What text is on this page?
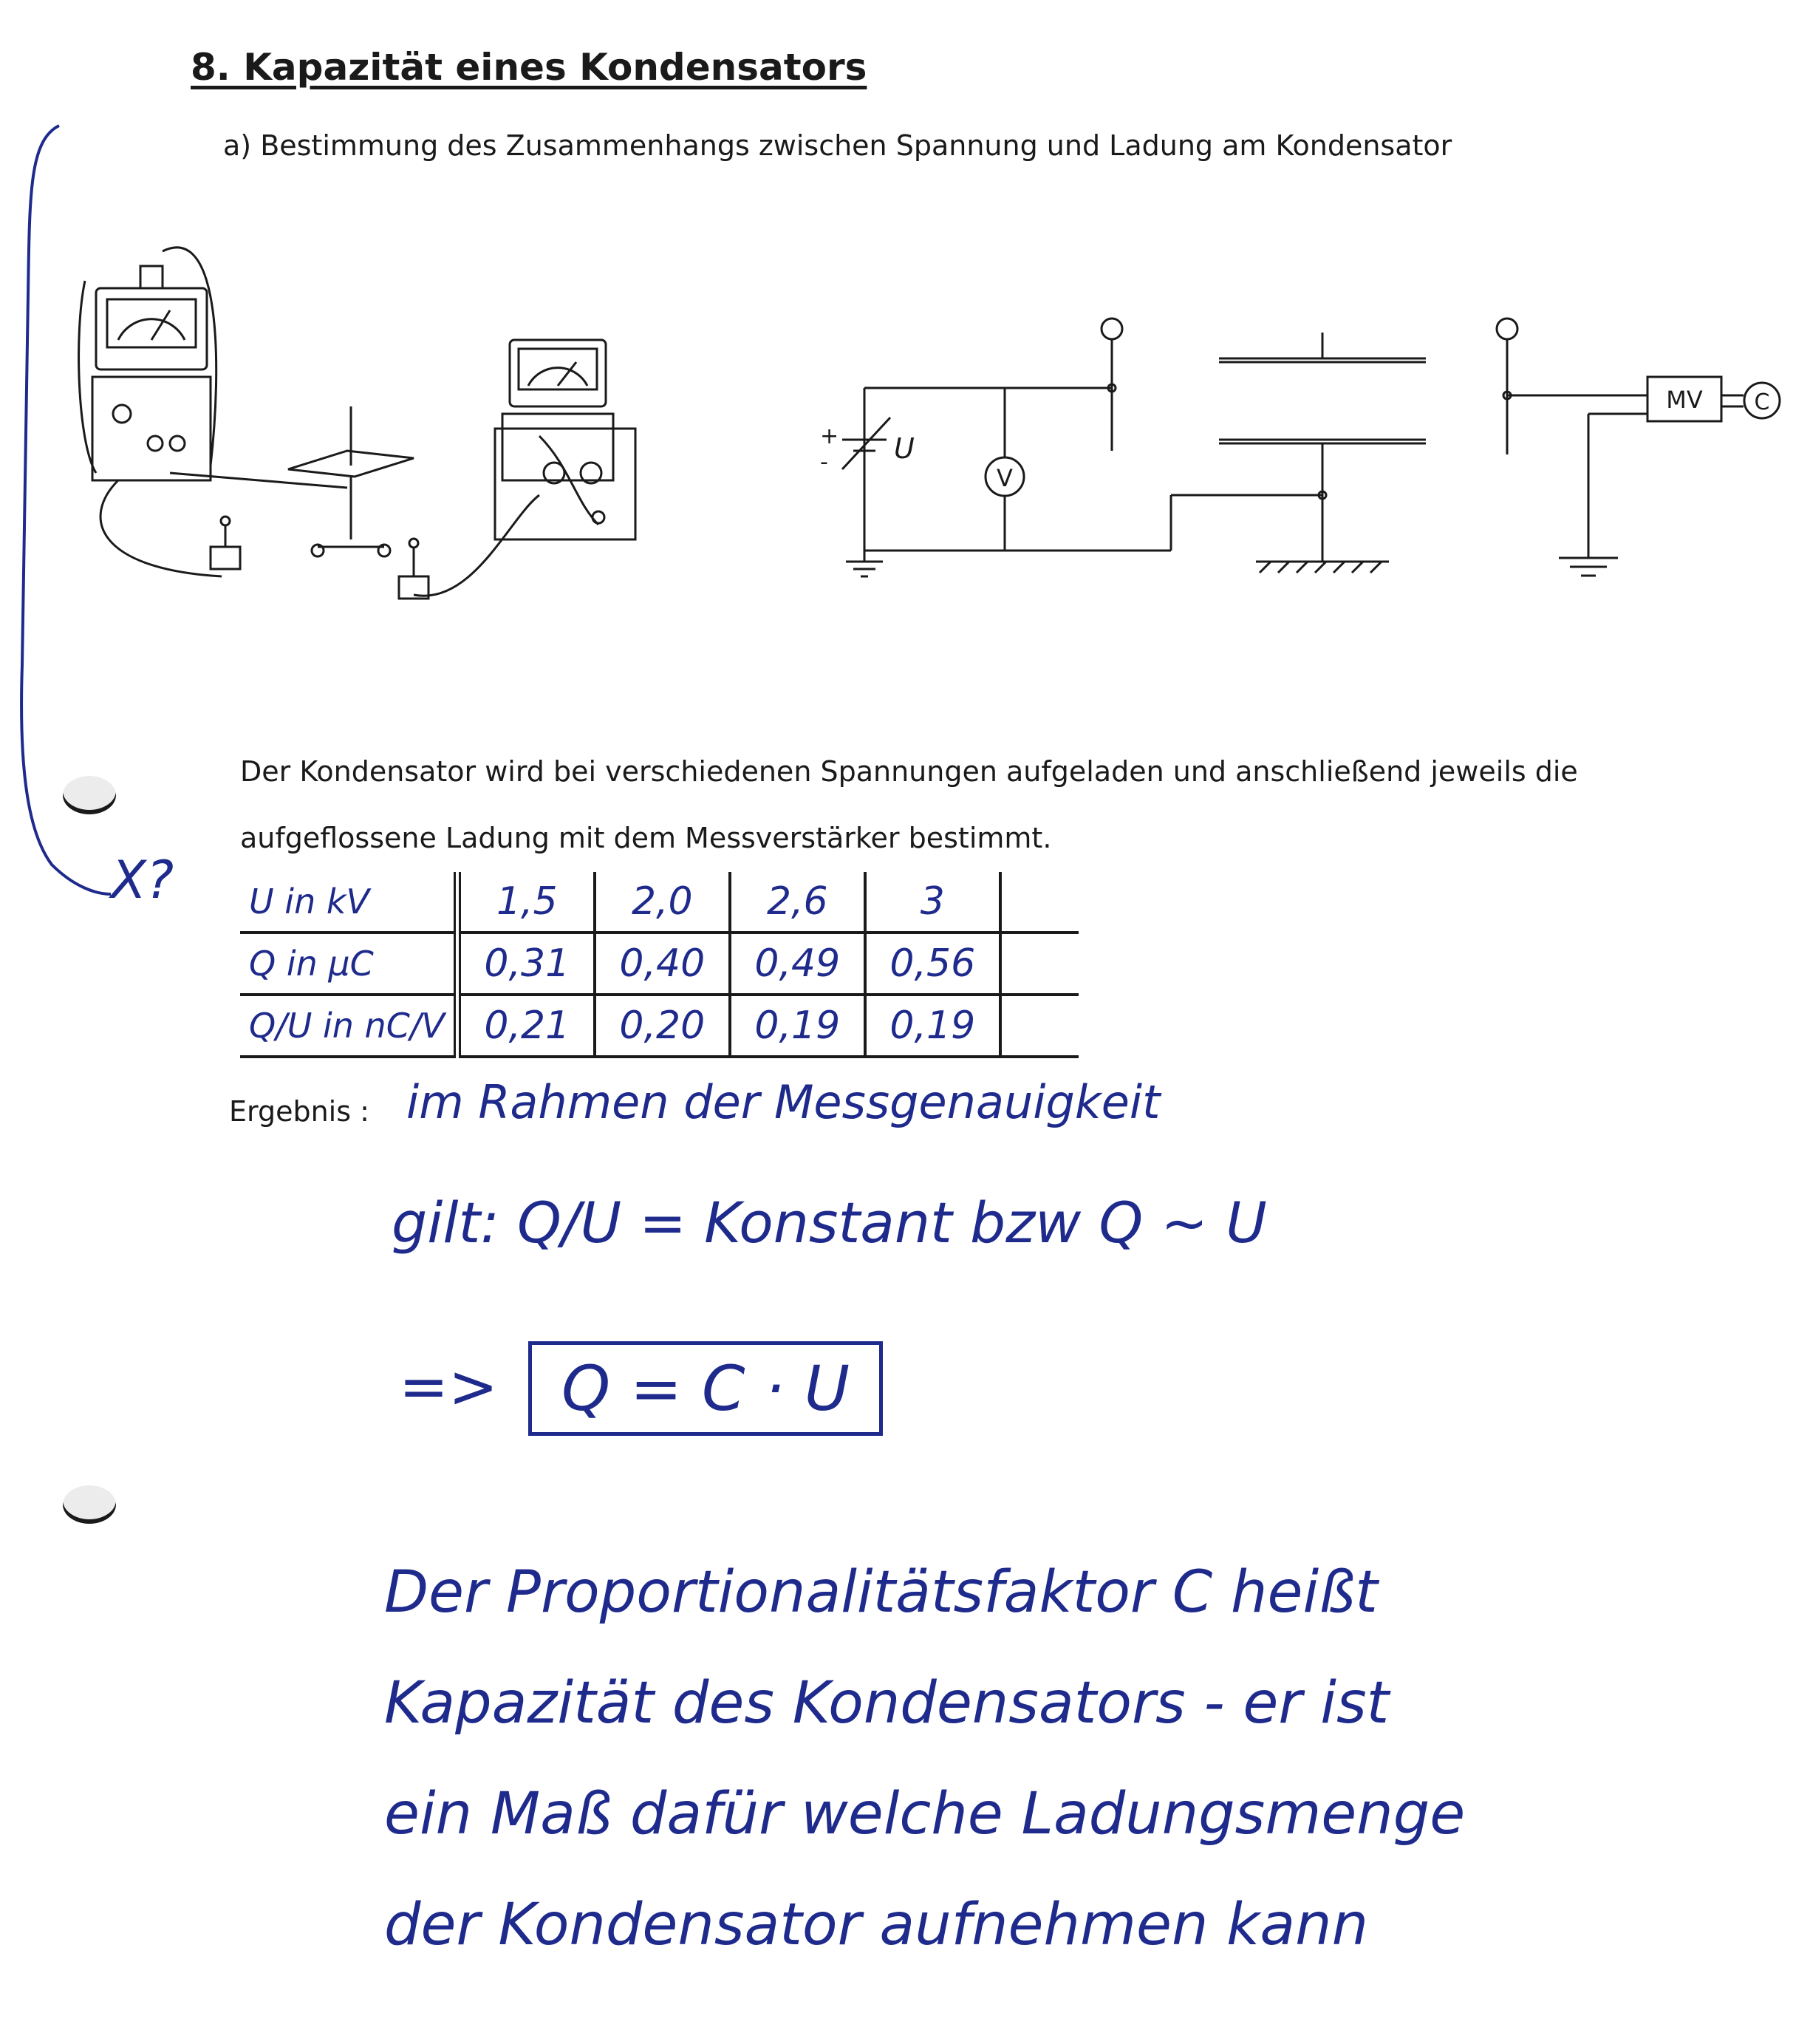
8. Kapazität eines Kondensators
a) Bestimmung des Zusammenhangs zwischen Spannung und Ladung am Kondensator
X?
+
- U
V
MV C
Der Kondensator wird bei verschiedenen Spannungen aufgeladen und anschließend jeweils die
aufgeflossene Ladung mit dem Messverstärker bestimmt.
U in kV	1,5	2,0	2,6	3	
Q in μC	0,31	0,40	0,49	0,56	
Q/U in nC/V	0,21	0,20	0,19	0,19	
Ergebnis : im Rahmen der Messgenauigkeit
gilt: Q/U = Konstant bzw Q ~ U
=>	Q = C · U
Der Proportionalitätsfaktor C heißt
Kapazität des Kondensators - er ist
ein Maß dafür welche Ladungsmenge
der Kondensator aufnehmen kann
